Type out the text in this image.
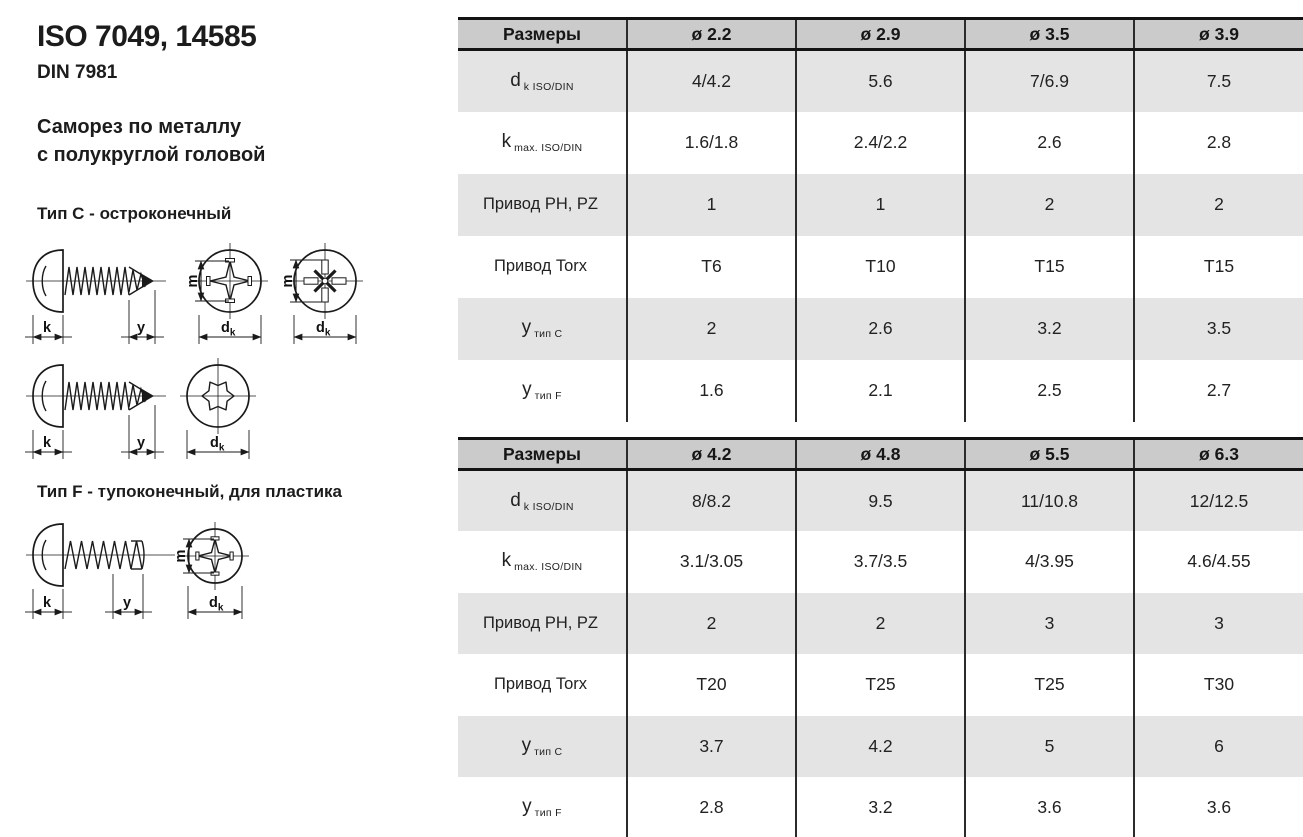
ISO 7049, 14585
DIN 7981
Саморез по металлу
с полукруглой головой
Тип C - остроконечный
k	y
m
$d_k$
m
$d_k$
k	y	$d_k$
Тип F - тупоконечный, для пластика
k	y
m
$d_k$
Размеры	ø 2.2	ø 2.9	ø 3.5	ø 3.9
d $_{k ISO/DIN}$	4/4.2	5.6	7/6.9	7.5
k $_{max. ISO/DIN}$	1.6/1.8	2.4/2.2	2.6	2.8
Привод PH, PZ	1	1	2	2
Привод Torx	T6	T10	T15	T15
у $_{тип C}$	2	2.6	3.2	3.5
у $_{тип F}$	1.6	2.1	2.5	2.7
Размеры	ø 4.2	ø 4.8	ø 5.5	ø 6.3
d $_{k ISO/DIN}$	8/8.2	9.5	11/10.8	12/12.5
k $_{max. ISO/DIN}$	3.1/3.05	3.7/3.5	4/3.95	4.6/4.55
Привод PH, PZ	2	2	3	3
Привод Torx	T20	T25	T25	T30
у $_{тип C}$	3.7	4.2	5	6
у $_{тип F}$	2.8	3.2	3.6	3.6
